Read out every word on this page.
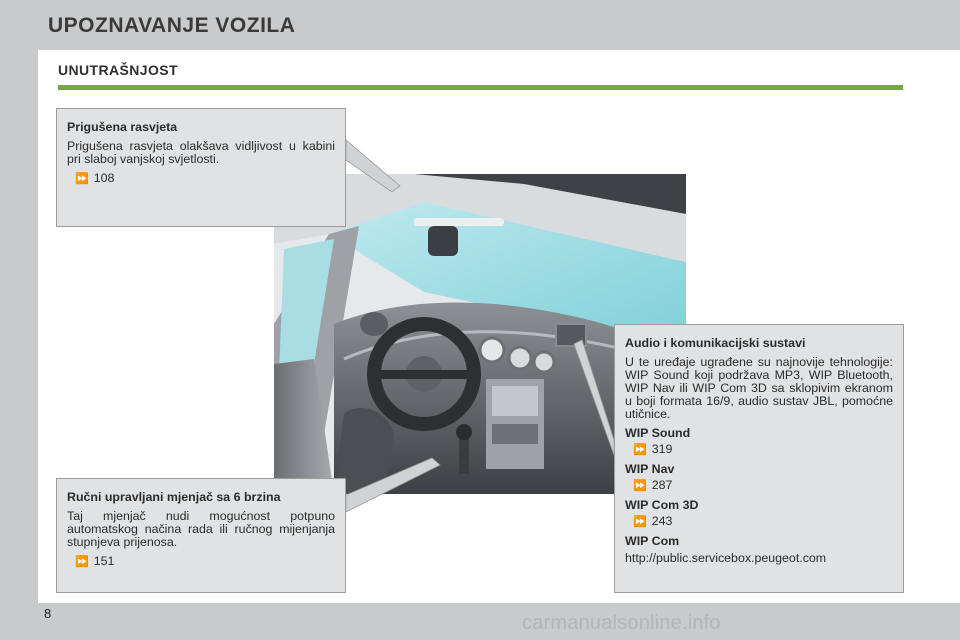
UPOZNAVANJE VOZILA
UNUTRAŠNJOST
Prigušena rasvjeta
Prigušena rasvjeta olakšava vidljivost u kabini pri slaboj vanjskoj svjetlosti.
⏩ 108
Ručni upravljani mjenjač sa 6 brzina
Taj mjenjač nudi mogućnost potpuno automatskog načina rada ili ručnog mijenjanja stupnjeva prijenosa.
⏩ 151
Audio i komunikacijski sustavi
U te uređaje ugrađene su najnovije tehnologije: WIP Sound koji podržava MP3, WIP Bluetooth, WIP Nav ili WIP Com 3D sa sklopivim ekranom u boji formata 16/9, audio sustav JBL, pomoćne utičnice.
WIP Sound
⏩ 319
WIP Nav
⏩ 287
WIP Com 3D
⏩ 243
WIP Com
http://public.servicebox.peugeot.com
8	carmanualsonline.info
